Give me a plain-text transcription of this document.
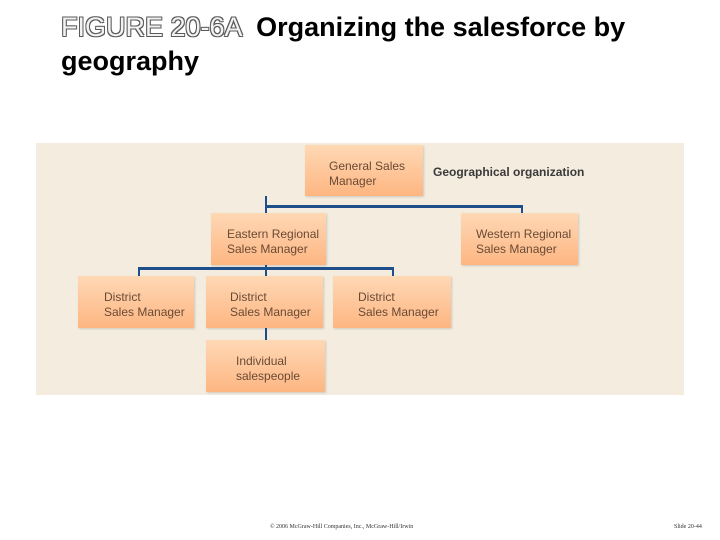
FIGURE 20-6A Organizing the salesforce by
geography
General Sales
Manager
Geographical organization
Eastern Regional
Sales Manager
Western Regional
Sales Manager
District
Sales Manager
District
Sales Manager
District
Sales Manager
Individual
salespeople
© 2006 McGraw-Hill Companies, Inc., McGraw-Hill/Irwin	Slide 20-44
